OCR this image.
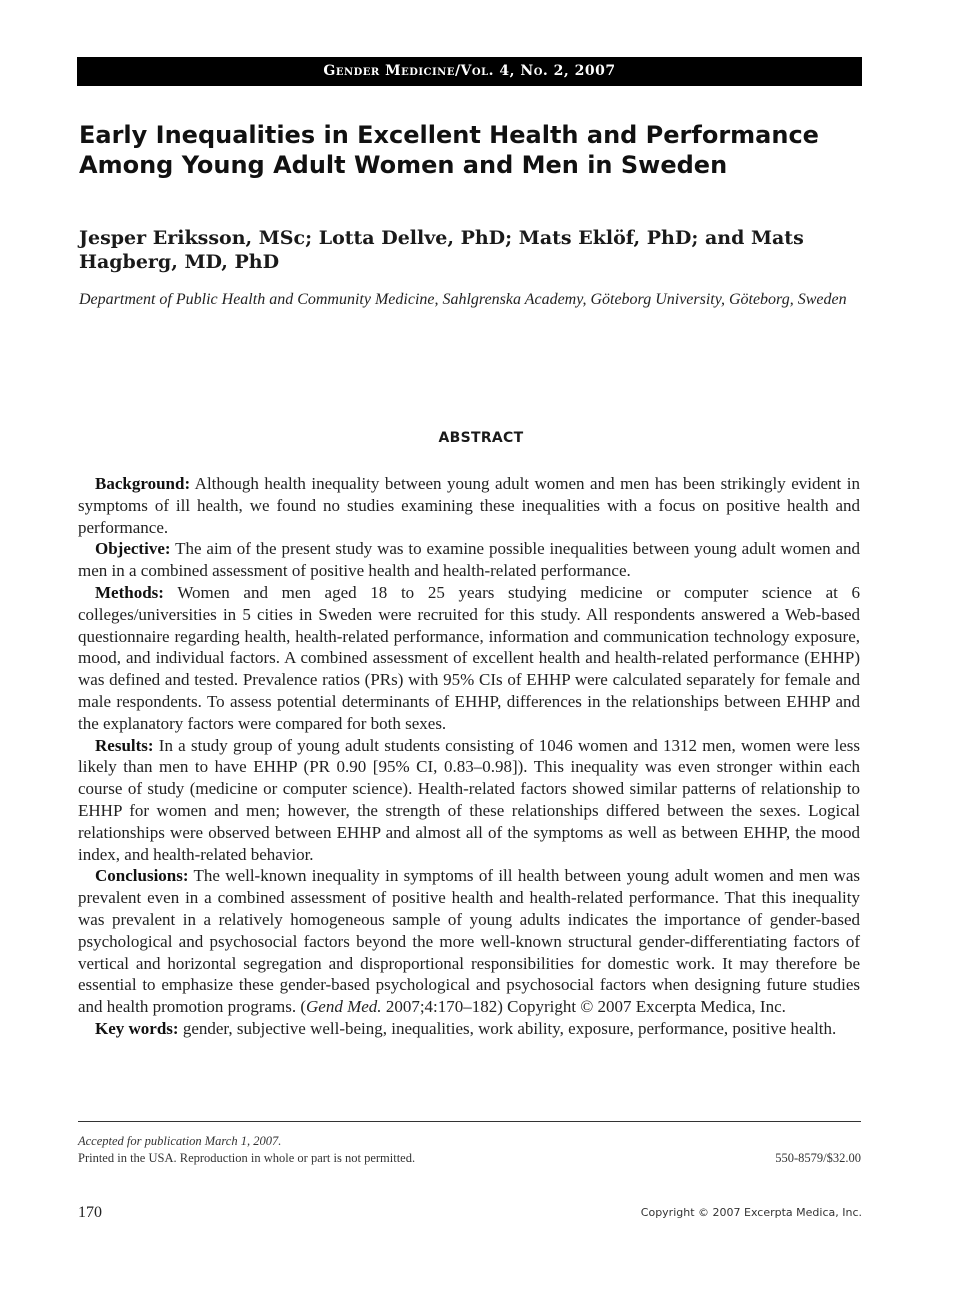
Gender Medicine/Vol. 4, No. 2, 2007
Early Inequalities in Excellent Health and Performance Among Young Adult Women and Men in Sweden
Jesper Eriksson, MSc; Lotta Dellve, PhD; Mats Eklöf, PhD; and Mats Hagberg, MD, PhD
Department of Public Health and Community Medicine, Sahlgrenska Academy, Göteborg University, Göteborg, Sweden
ABSTRACT

Background: Although health inequality between young adult women and men has been strikingly evident in symptoms of ill health, we found no studies examining these inequalities with a focus on positive health and performance.

Objective: The aim of the present study was to examine possible inequalities between young adult women and men in a combined assessment of positive health and health-related performance.

Methods: Women and men aged 18 to 25 years studying medicine or computer science at 6 colleges/universities in 5 cities in Sweden were recruited for this study. All respondents answered a Web-based questionnaire regarding health, health-related performance, information and communication technology exposure, mood, and individual factors. A combined assessment of excellent health and health-related performance (EHHP) was defined and tested. Prevalence ratios (PRs) with 95% CIs of EHHP were calculated separately for female and male respondents. To assess potential determinants of EHHP, differences in the relationships between EHHP and the explanatory factors were compared for both sexes.

Results: In a study group of young adult students consisting of 1046 women and 1312 men, women were less likely than men to have EHHP (PR 0.90 [95% CI, 0.83–0.98]). This inequality was even stronger within each course of study (medicine or computer science). Health-related factors showed similar patterns of relationship to EHHP for women and men; however, the strength of these relationships differed between the sexes. Logical relationships were observed between EHHP and almost all of the symptoms as well as between EHHP, the mood index, and health-related behavior.

Conclusions: The well-known inequality in symptoms of ill health between young adult women and men was prevalent even in a combined assessment of positive health and health-related performance. That this inequality was prevalent in a relatively homogeneous sample of young adults indicates the importance of gender-based psychological and psychosocial factors beyond the more well-known structural gender-differentiating factors of vertical and horizontal segregation and disproportional responsibilities for domestic work. It may therefore be essential to emphasize these gender-based psychological and psychosocial factors when designing future studies and health promotion programs. (Gend Med. 2007;4:170–182) Copyright © 2007 Excerpta Medica, Inc.

Key words: gender, subjective well-being, inequalities, work ability, exposure, performance, positive health.

Accepted for publication March 1, 2007.
Printed in the USA. Reproduction in whole or part is not permitted.	550-8579/$32.00
170	Copyright © 2007 Excerpta Medica, Inc.
